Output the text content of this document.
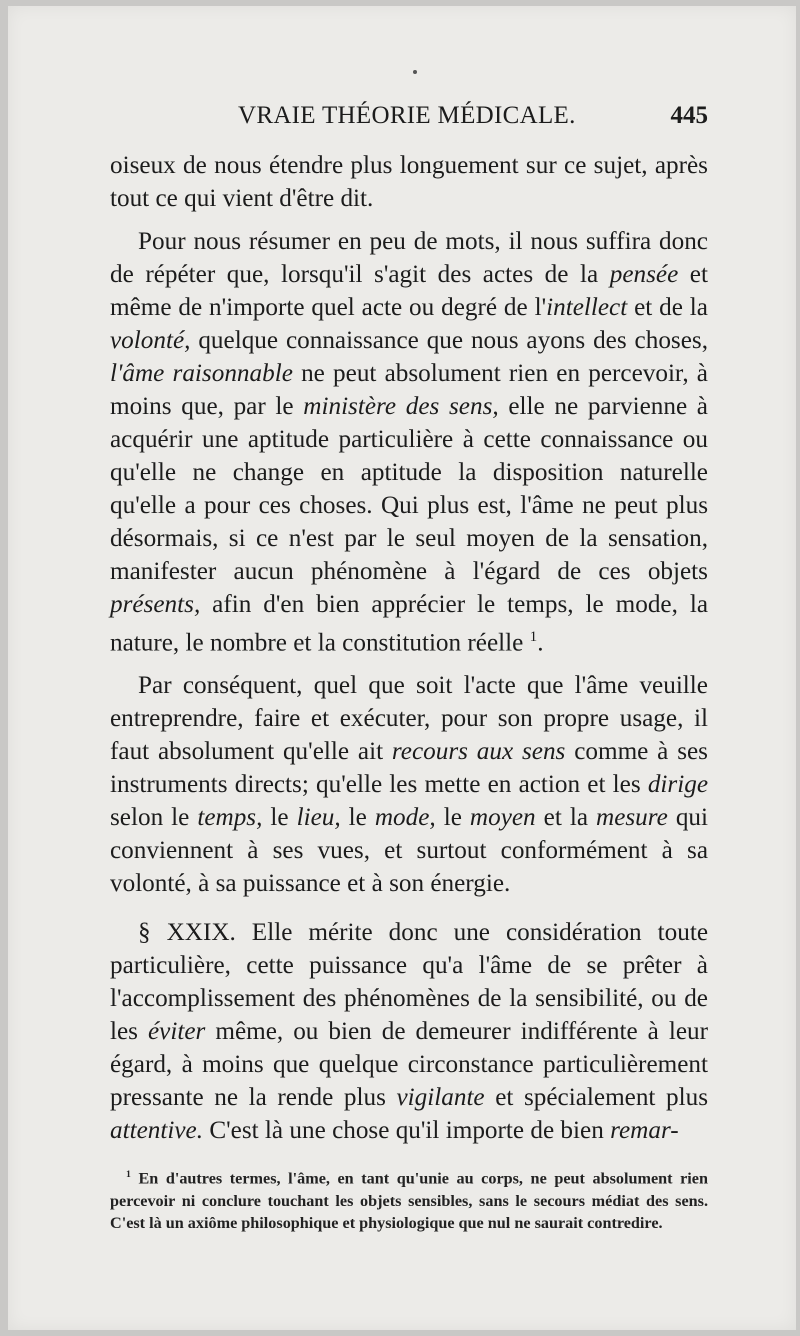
VRAIE THÉORIE MÉDICALE.	445

oiseux de nous étendre plus longuement sur ce sujet, après tout ce qui vient d'être dit.

Pour nous résumer en peu de mots, il nous suffira donc de répéter que, lorsqu'il s'agit des actes de la pensée et même de n'importe quel acte ou degré de l'intellect et de la volonté, quelque connaissance que nous ayons des choses, l'âme raisonnable ne peut absolument rien en percevoir, à moins que, par le ministère des sens, elle ne parvienne à acquérir une aptitude particulière à cette connaissance ou qu'elle ne change en aptitude la disposition naturelle qu'elle a pour ces choses. Qui plus est, l'âme ne peut plus désormais, si ce n'est par le seul moyen de la sensation, manifester aucun phénomène à l'égard de ces objets présents, afin d'en bien apprécier le temps, le mode, la nature, le nombre et la constitution réelle $^1$.

Par conséquent, quel que soit l'acte que l'âme veuille entreprendre, faire et exécuter, pour son propre usage, il faut absolument qu'elle ait recours aux sens comme à ses instruments directs; qu'elle les mette en action et les dirige selon le temps, le lieu, le mode, le moyen et la mesure qui conviennent à ses vues, et surtout conformément à sa volonté, à sa puissance et à son énergie.

§ XXIX. Elle mérite donc une considération toute particulière, cette puissance qu'a l'âme de se prêter à l'accomplissement des phénomènes de la sensibilité, ou de les éviter même, ou bien de demeurer indifférente à leur égard, à moins que quelque circonstance particulièrement pressante ne la rende plus vigilante et spécialement plus attentive. C'est là une chose qu'il importe de bien remar-

$^1$ En d'autres termes, l'âme, en tant qu'unie au corps, ne peut absolument rien percevoir ni conclure touchant les objets sensibles, sans le secours médiat des sens. C'est là un axiôme philosophique et physiologique que nul ne saurait contredire.
